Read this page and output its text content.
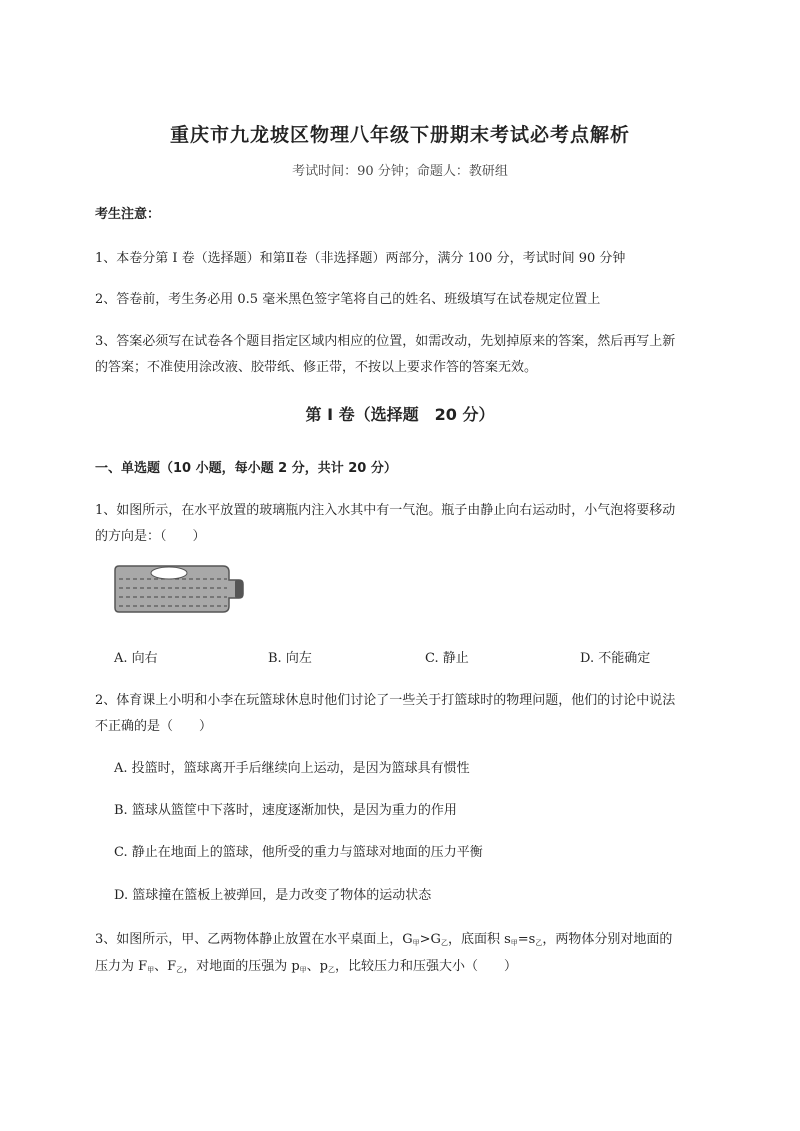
重庆市九龙坡区物理八年级下册期末考试必考点解析
考试时间：90 分钟；命题人：教研组
考生注意：
1、本卷分第 I 卷（选择题）和第Ⅱ卷（非选择题）两部分，满分 100 分，考试时间 90 分钟
2、答卷前，考生务必用 0.5 毫米黑色签字笔将自己的姓名、班级填写在试卷规定位置上
3、答案必须写在试卷各个题目指定区域内相应的位置，如需改动，先划掉原来的答案，然后再写上新
的答案；不准使用涂改液、胶带纸、修正带，不按以上要求作答的答案无效。
第 I 卷（选择题　20 分）
一、单选题（10 小题，每小题 2 分，共计 20 分）
1、如图所示，在水平放置的玻璃瓶内注入水其中有一气泡。瓶子由静止向右运动时，小气泡将要移动
的方向是：（　　）
A. 向右	B. 向左	C. 静止	D. 不能确定
2、体育课上小明和小李在玩篮球休息时他们讨论了一些关于打篮球时的物理问题，他们的讨论中说法
不正确的是（　　）
A. 投篮时，篮球离开手后继续向上运动，是因为篮球具有惯性
B. 篮球从篮筐中下落时，速度逐渐加快，是因为重力的作用
C. 静止在地面上的篮球，他所受的重力与篮球对地面的压力平衡
D. 篮球撞在篮板上被弹回，是力改变了物体的运动状态
3、如图所示，甲、乙两物体静止放置在水平桌面上，$G_甲>G_乙$，底面积 $s_甲=s_乙$，两物体分别对地面的
压力为 $F_甲$、$F_乙$，对地面的压强为 $p_甲$、$p_乙$，比较压力和压强大小（　　）
